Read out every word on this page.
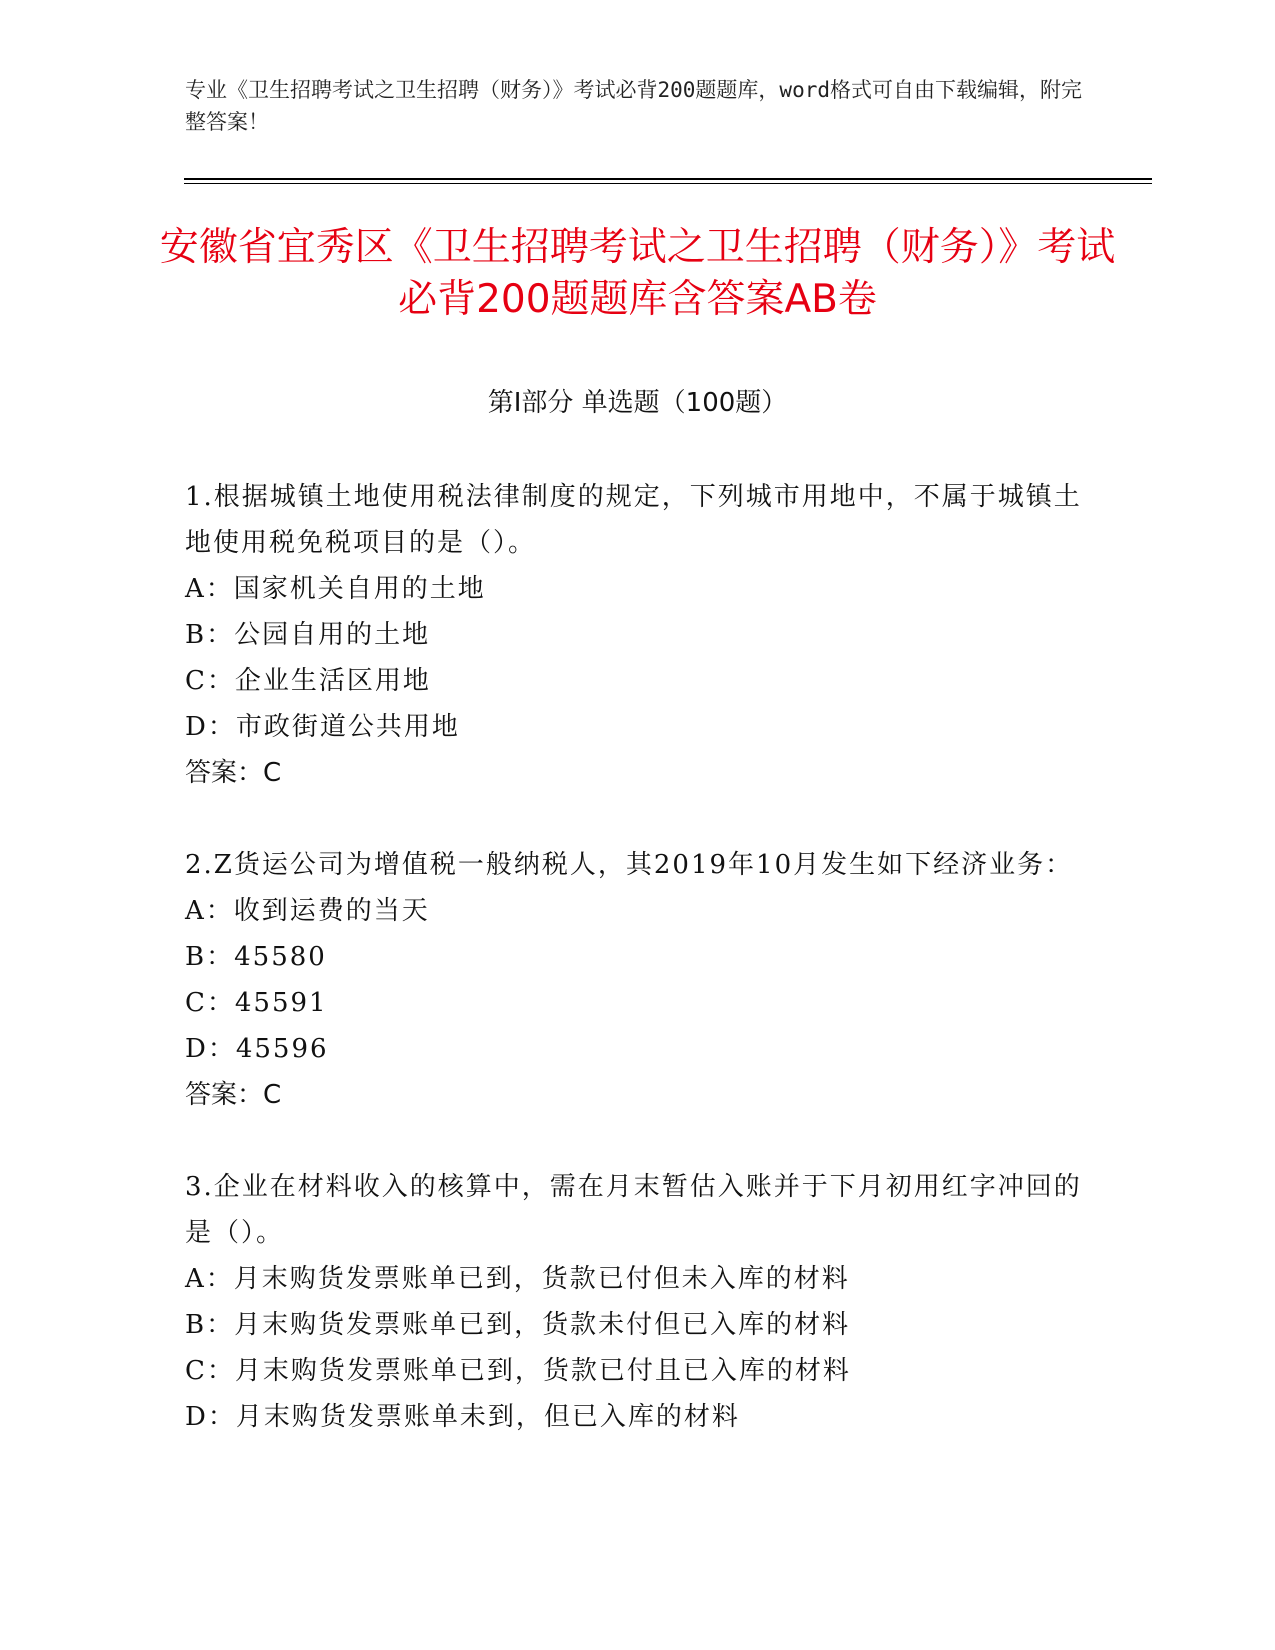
专业《卫生招聘考试之卫生招聘（财务）》考试必背200题题库，word格式可自由下载编辑，附完整答案！
安徽省宜秀区《卫生招聘考试之卫生招聘（财务）》考试必背200题题库含答案AB卷
第Ⅰ部分 单选题（100题）
1.根据城镇土地使用税法律制度的规定，下列城市用地中，不属于城镇土地使用税免税项目的是（）。
A：国家机关自用的土地
B：公园自用的土地
C：企业生活区用地
D：市政街道公共用地
答案：C
2.Z货运公司为增值税一般纳税人，其2019年10月发生如下经济业务：
A：收到运费的当天
B：45580
C：45591
D：45596
答案：C
3.企业在材料收入的核算中，需在月末暂估入账并于下月初用红字冲回的是（）。
A：月末购货发票账单已到，货款已付但未入库的材料
B：月末购货发票账单已到，货款未付但已入库的材料
C：月末购货发票账单已到，货款已付且已入库的材料
D：月末购货发票账单未到，但已入库的材料
